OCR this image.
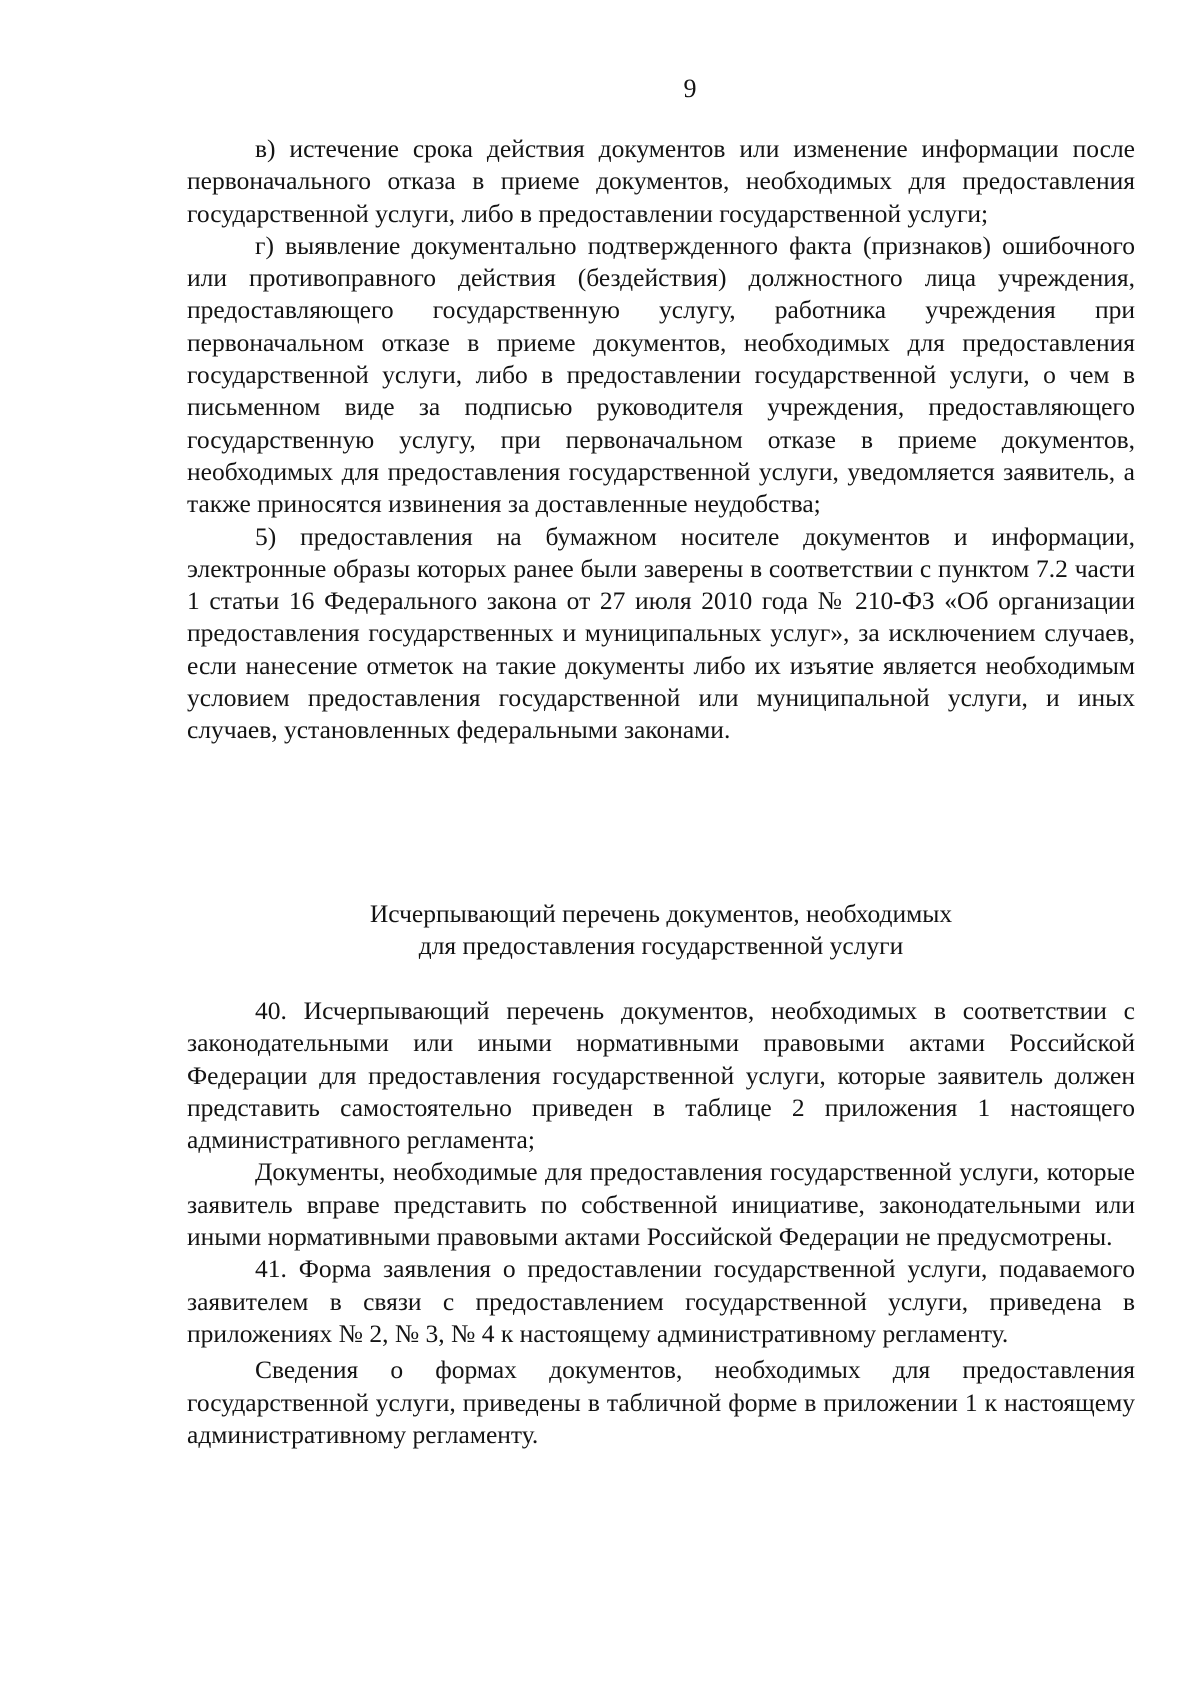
9

в) истечение срока действия документов или изменение информации после первоначального отказа в приеме документов, необходимых для предоставления государственной услуги, либо в предоставлении государственной услуги;

г) выявление документально подтвержденного факта (признаков) ошибочного или противоправного действия (бездействия) должностного лица учреждения, предоставляющего государственную услугу, работника учреждения при первоначальном отказе в приеме документов, необходимых для предоставления государственной услуги, либо в предоставлении государственной услуги, о чем в письменном виде за подписью руководителя учреждения, предоставляющего государственную услугу, при первоначальном отказе в приеме документов, необходимых для предоставления государственной услуги, уведомляется заявитель, а также приносятся извинения за доставленные неудобства;

5) предоставления на бумажном носителе документов и информации, электронные образы которых ранее были заверены в соответствии с пунктом 7.2 части 1 статьи 16 Федерального закона от 27 июля 2010 года № 210-ФЗ «Об организации предоставления государственных и муниципальных услуг», за исключением случаев, если нанесение отметок на такие документы либо их изъятие является необходимым условием предоставления государственной или муниципальной услуги, и иных случаев, установленных федеральными законами.

Исчерпывающий перечень документов, необходимых
для предоставления государственной услуги

40. Исчерпывающий перечень документов, необходимых в соответствии с законодательными или иными нормативными правовыми актами Российской Федерации для предоставления государственной услуги, которые заявитель должен представить самостоятельно приведен в таблице 2 приложения 1 настоящего административного регламента;

Документы, необходимые для предоставления государственной услуги, которые заявитель вправе представить по собственной инициативе, законодательными или иными нормативными правовыми актами Российской Федерации не предусмотрены.

41. Форма заявления о предоставлении государственной услуги, подаваемого заявителем в связи с предоставлением государственной услуги, приведена в приложениях № 2, № 3, № 4 к настоящему административному регламенту.

Сведения о формах документов, необходимых для предоставления государственной услуги, приведены в табличной форме в приложении 1 к настоящему административному регламенту.
